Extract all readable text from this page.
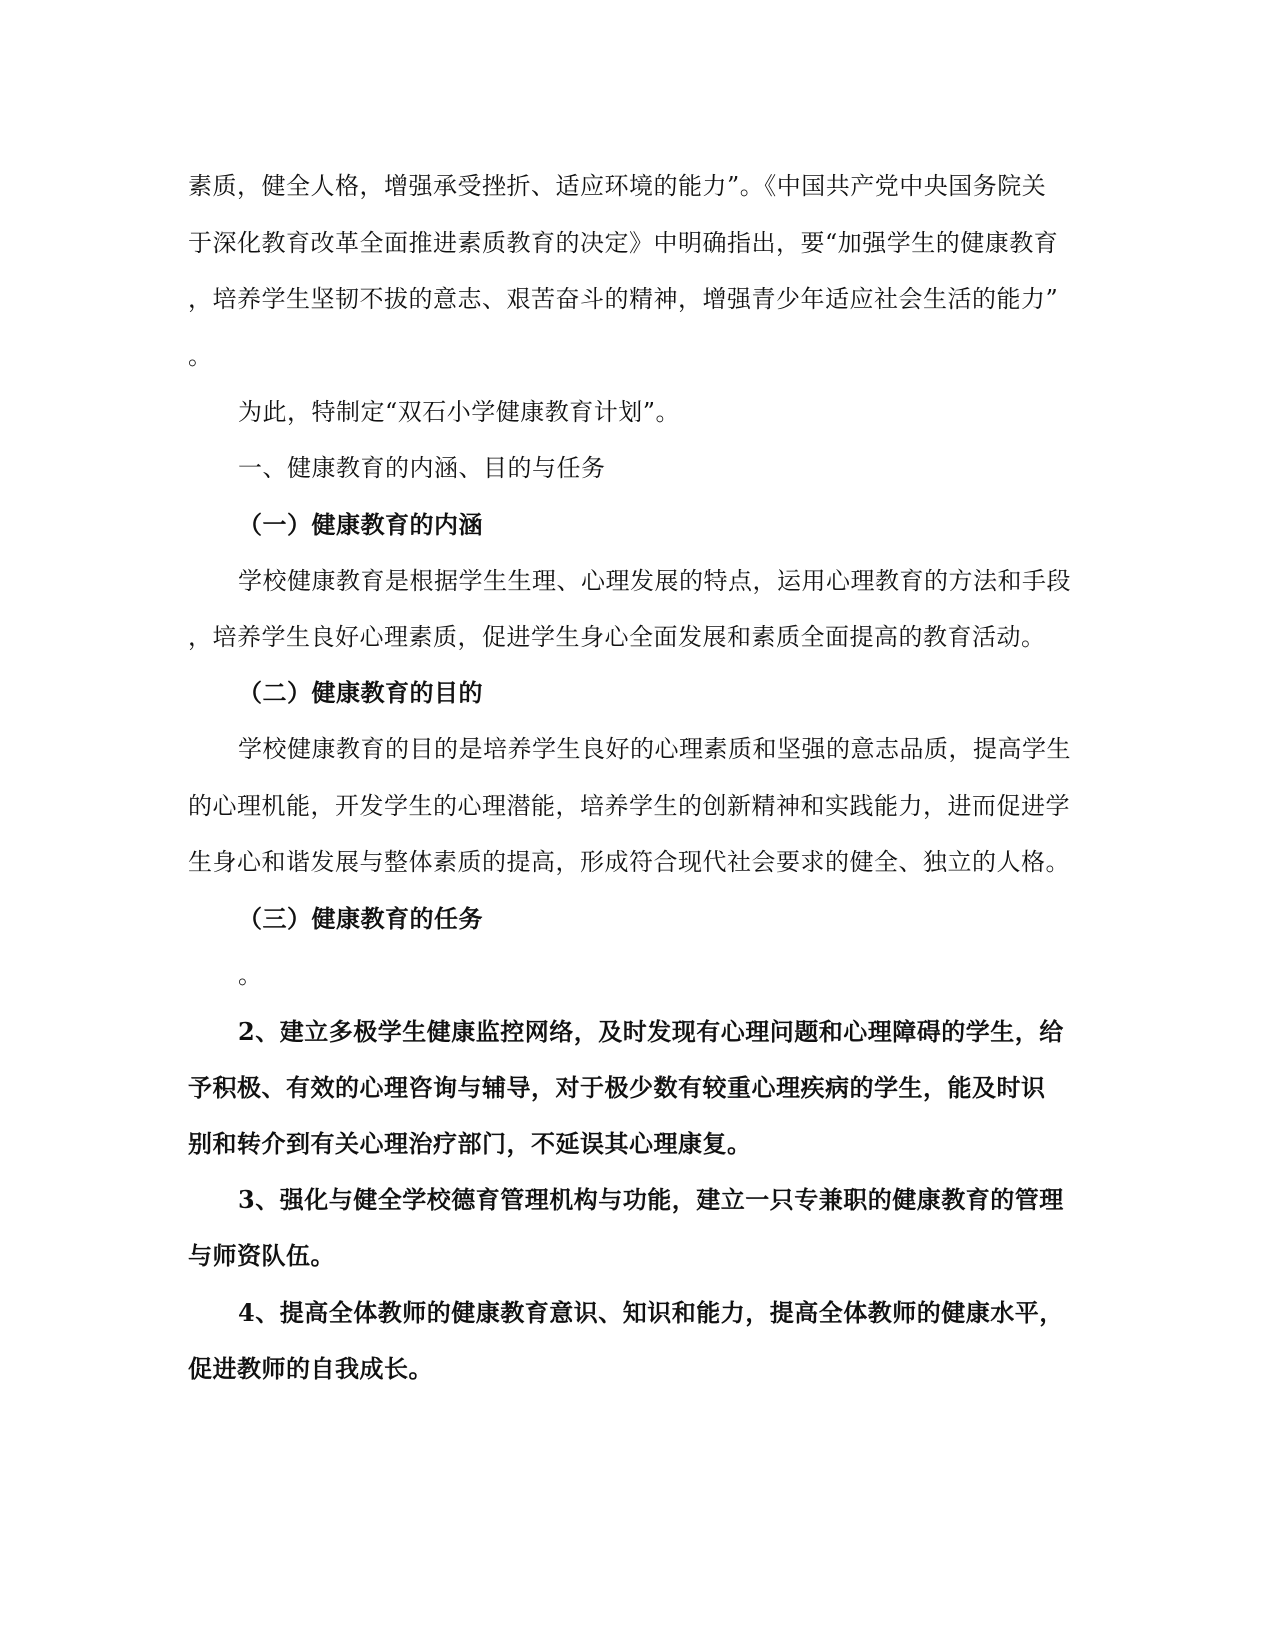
素质，健全人格，增强承受挫折、适应环境的能力”。《中国共产党中央国务院关
于深化教育改革全面推进素质教育的决定》中明确指出，要“加强学生的健康教育
，培养学生坚韧不拔的意志、艰苦奋斗的精神，增强青少年适应社会生活的能力”
。
为此，特制定“双石小学健康教育计划”。
一、健康教育的内涵、目的与任务
（一）健康教育的内涵
学校健康教育是根据学生生理、心理发展的特点，运用心理教育的方法和手段
，培养学生良好心理素质，促进学生身心全面发展和素质全面提高的教育活动。
（二）健康教育的目的
学校健康教育的目的是培养学生良好的心理素质和坚强的意志品质，提高学生
的心理机能，开发学生的心理潜能，培养学生的创新精神和实践能力，进而促进学
生身心和谐发展与整体素质的提高，形成符合现代社会要求的健全、独立的人格。
（三）健康教育的任务
。
2、建立多极学生健康监控网络，及时发现有心理问题和心理障碍的学生，给
予积极、有效的心理咨询与辅导，对于极少数有较重心理疾病的学生，能及时识
别和转介到有关心理治疗部门，不延误其心理康复。
3、强化与健全学校德育管理机构与功能，建立一只专兼职的健康教育的管理
与师资队伍。
4、提高全体教师的健康教育意识、知识和能力，提高全体教师的健康水平，
促进教师的自我成长。
